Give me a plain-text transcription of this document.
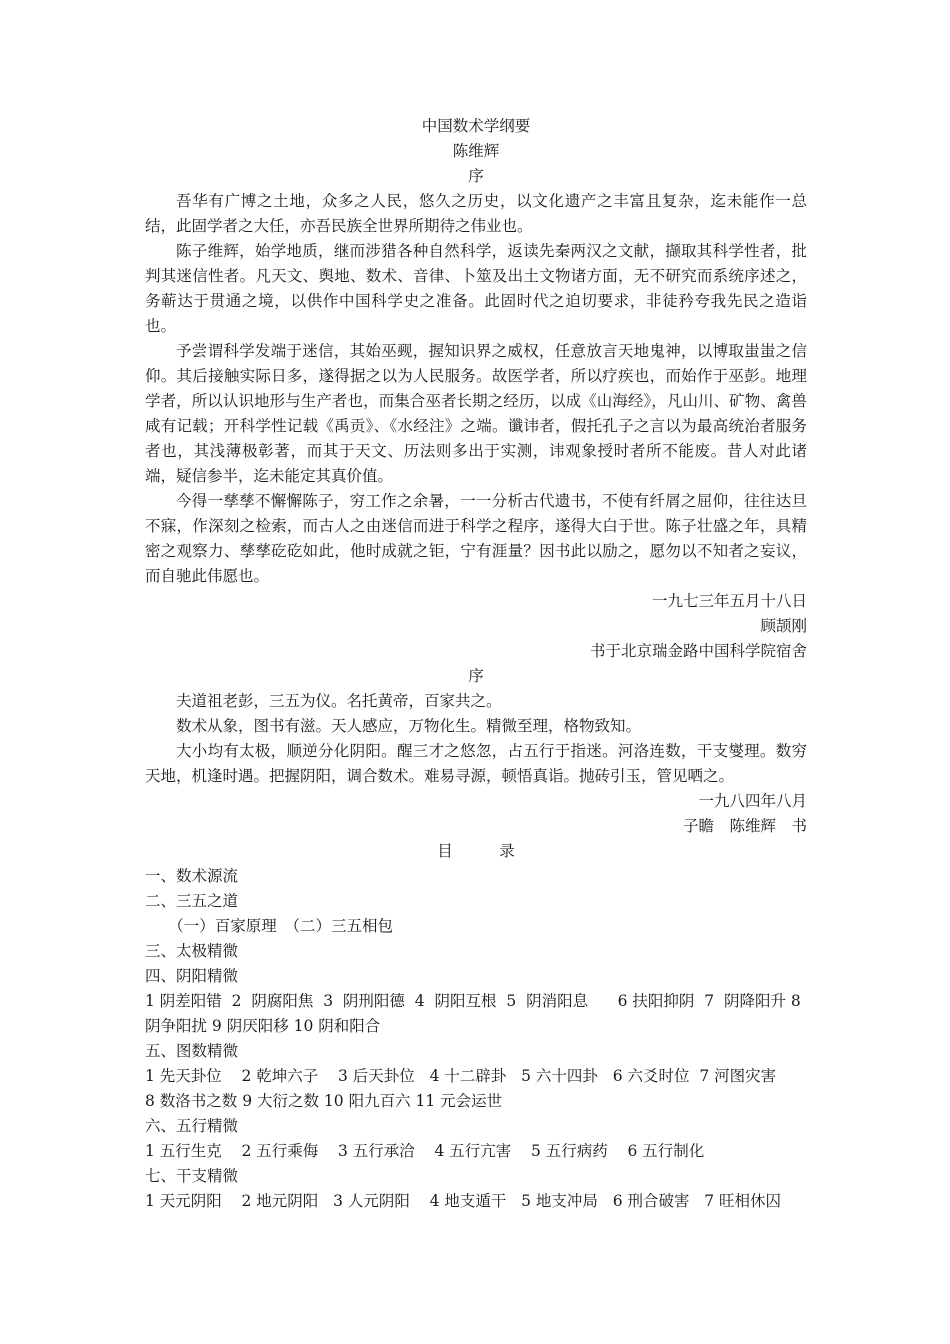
中国数术学纲要
陈维辉
序
吾华有广博之土地，众多之人民，悠久之历史，以文化遗产之丰富且复杂，迄未能作一总结，此固学者之大任，亦吾民族全世界所期待之伟业也。
陈子维辉，始学地质，继而涉猎各种自然科学，返读先秦两汉之文献，撷取其科学性者，批判其迷信性者。凡天文、舆地、数术、音律、卜筮及出土文物诸方面，无不研究而系统序述之，务蕲达于贯通之境，以供作中国科学史之准备。此固时代之迫切要求，非徒矜夸我先民之造诣也。
予尝谓科学发端于迷信，其始巫觋，握知识界之威权，任意放言天地鬼神，以博取蚩蚩之信仰。其后接触实际日多，遂得据之以为人民服务。故医学者，所以疗疾也，而始作于巫彭。地理学者，所以认识地形与生产者也，而集合巫者长期之经历，以成《山海经》，凡山川、矿物、禽兽咸有记载；开科学性记载《禹贡》、《水经注》之端。谶讳者，假托孔子之言以为最高统治者服务者也，其浅薄极彰著，而其于天文、历法则多出于实测，讳观象授时者所不能废。昔人对此诸端，疑信参半，迄未能定其真价值。
今得一孳孳不懈懈陈子，穷工作之余暑，一一分析古代遗书，不使有纤屑之屈仰，往往达旦不寐，作深刻之检索，而古人之由迷信而进于科学之程序，遂得大白于世。陈子壮盛之年，具精密之观察力、孳孳矻矻如此，他时成就之钜，宁有涯量？因书此以励之，愿勿以不知者之妄议，而自驰此伟愿也。
一九七三年五月十八日
顾颉刚
书于北京瑞金路中国科学院宿舍
序
夫道祖老彭，三五为仪。名托黄帝，百家共之。
数术从象，图书有滋。天人感应，万物化生。精微至理，格物致知。
大小均有太极，顺逆分化阴阳。醒三才之悠忽，占五行于指迷。河洛连数，干支燮理。数穷天地，机逢时遇。把握阴阳，调合数术。难易寻源，顿悟真诣。抛砖引玉，管见哂之。
一九八四年八月
子瞻　陈维辉　书
目录
一、数术源流
二、三五之道
（一）百家原理　（二）三五相包
三、太极精微
四、阴阳精微
1 阴差阳错  2  阴腐阳焦  3  阴刑阳德  4  阴阳互根  5  阴消阳息      6 扶阳抑阴  7  阴降阳升 8
阴争阳扰 9 阴厌阳移 10 阴和阳合
五、图数精微
1 先天卦位    2 乾坤六子    3 后天卦位   4 十二辟卦   5 六十四卦   6 六爻时位  7 河图灾害
8 数洛书之数 9 大衍之数 10 阳九百六 11 元会运世
六、五行精微
1 五行生克    2 五行乘侮    3 五行承洽    4 五行亢害    5 五行病药    6 五行制化
七、干支精微
1 天元阴阳    2 地元阴阳   3 人元阴阳    4 地支遁干   5 地支冲局   6 刑合破害   7 旺相休囚
